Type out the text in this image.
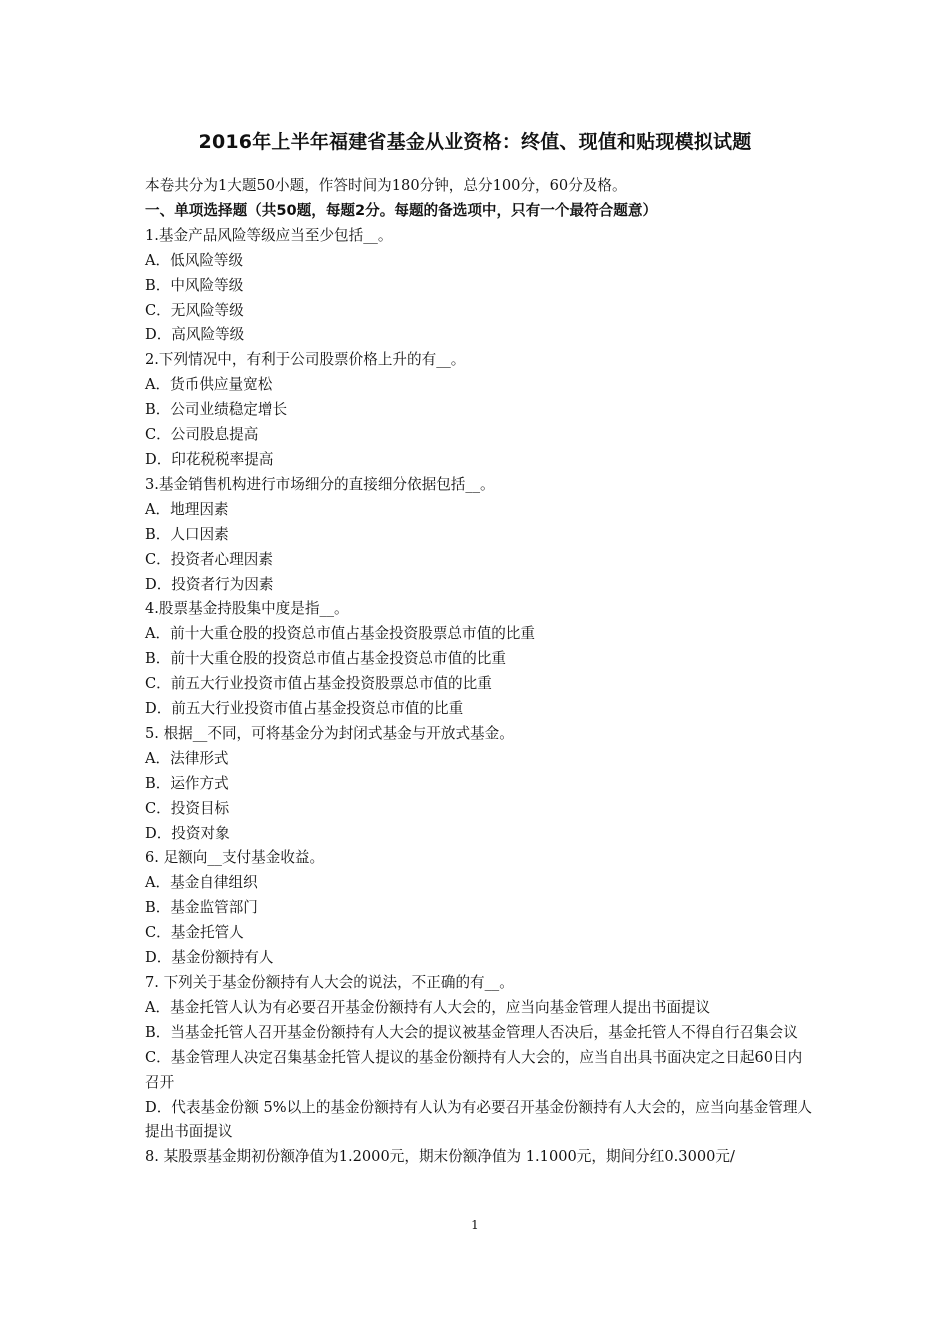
2016年上半年福建省基金从业资格：终值、现值和贴现模拟试题

本卷共分为1大题50小题，作答时间为180分钟，总分100分，60分及格。

一、单项选择题（共50题，每题2分。每题的备选项中，只有一个最符合题意）

1.基金产品风险等级应当至少包括__。

A．低风险等级

B．中风险等级

C．无风险等级

D．高风险等级

2.下列情况中，有利于公司股票价格上升的有__。

A．货币供应量宽松

B．公司业绩稳定增长

C．公司股息提高

D．印花税税率提高

3.基金销售机构进行市场细分的直接细分依据包括__。

A．地理因素

B．人口因素

C．投资者心理因素

D．投资者行为因素

4.股票基金持股集中度是指__。

A．前十大重仓股的投资总市值占基金投资股票总市值的比重

B．前十大重仓股的投资总市值占基金投资总市值的比重

C．前五大行业投资市值占基金投资股票总市值的比重

D．前五大行业投资市值占基金投资总市值的比重

5. 根据__不同，可将基金分为封闭式基金与开放式基金。

A．法律形式

B．运作方式

C．投资目标

D．投资对象

6. 足额向__支付基金收益。

A．基金自律组织

B．基金监管部门

C．基金托管人

D．基金份额持有人

7. 下列关于基金份额持有人大会的说法，不正确的有__。

A．基金托管人认为有必要召开基金份额持有人大会的，应当向基金管理人提出书面提议

B．当基金托管人召开基金份额持有人大会的提议被基金管理人否决后，基金托管人不得自行召集会议

C．基金管理人决定召集基金托管人提议的基金份额持有人大会的，应当自出具书面决定之日起60日内召开

D．代表基金份额 5%以上的基金份额持有人认为有必要召开基金份额持有人大会的，应当向基金管理人提出书面提议

8. 某股票基金期初份额净值为1.2000元，期末份额净值为 1.1000元，期间分红0.3000元/

1
